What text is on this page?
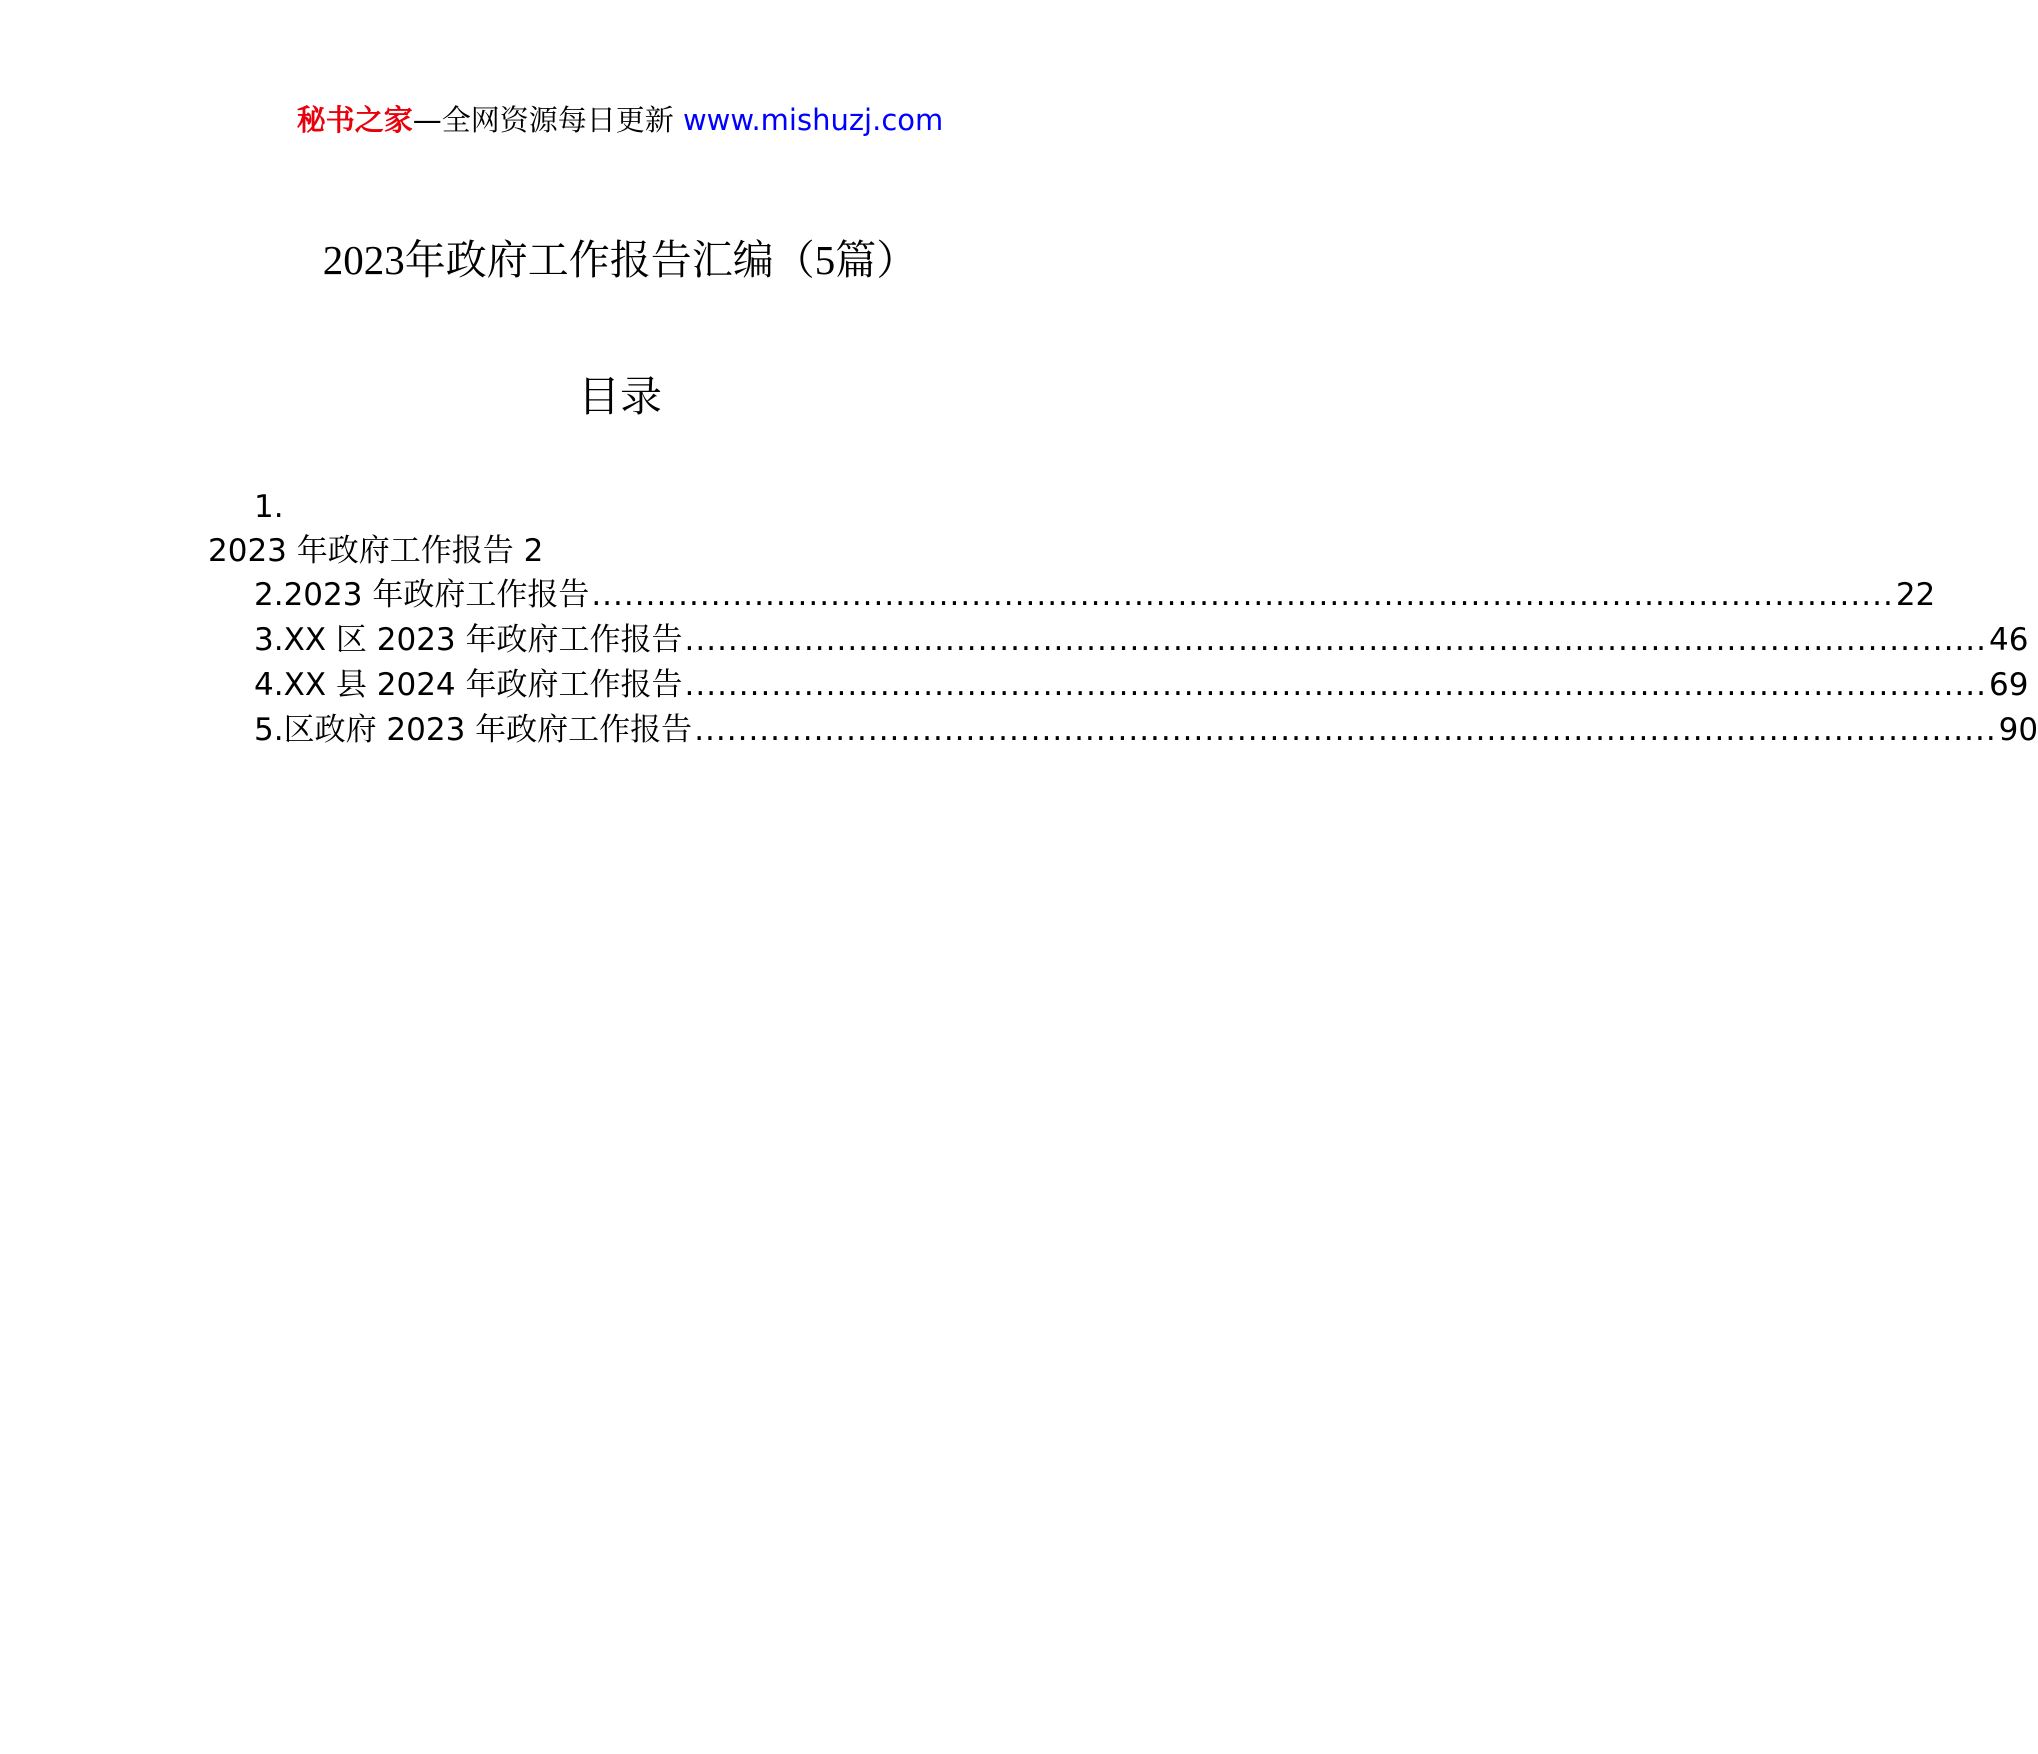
秘书之家—全网资源每日更新 www.mishuzj.com
2023年政府工作报告汇编（5篇）
目录
1.
2023 年政府工作报告 2
2.2023 年政府工作报告 ........................................................................................................................ 22
3.XX 区 2023 年政府工作报告 ........................................................................................................................ 46
4.XX 县 2024 年政府工作报告 ........................................................................................................................ 69
5.区政府 2023 年政府工作报告 ........................................................................................................................ 90
